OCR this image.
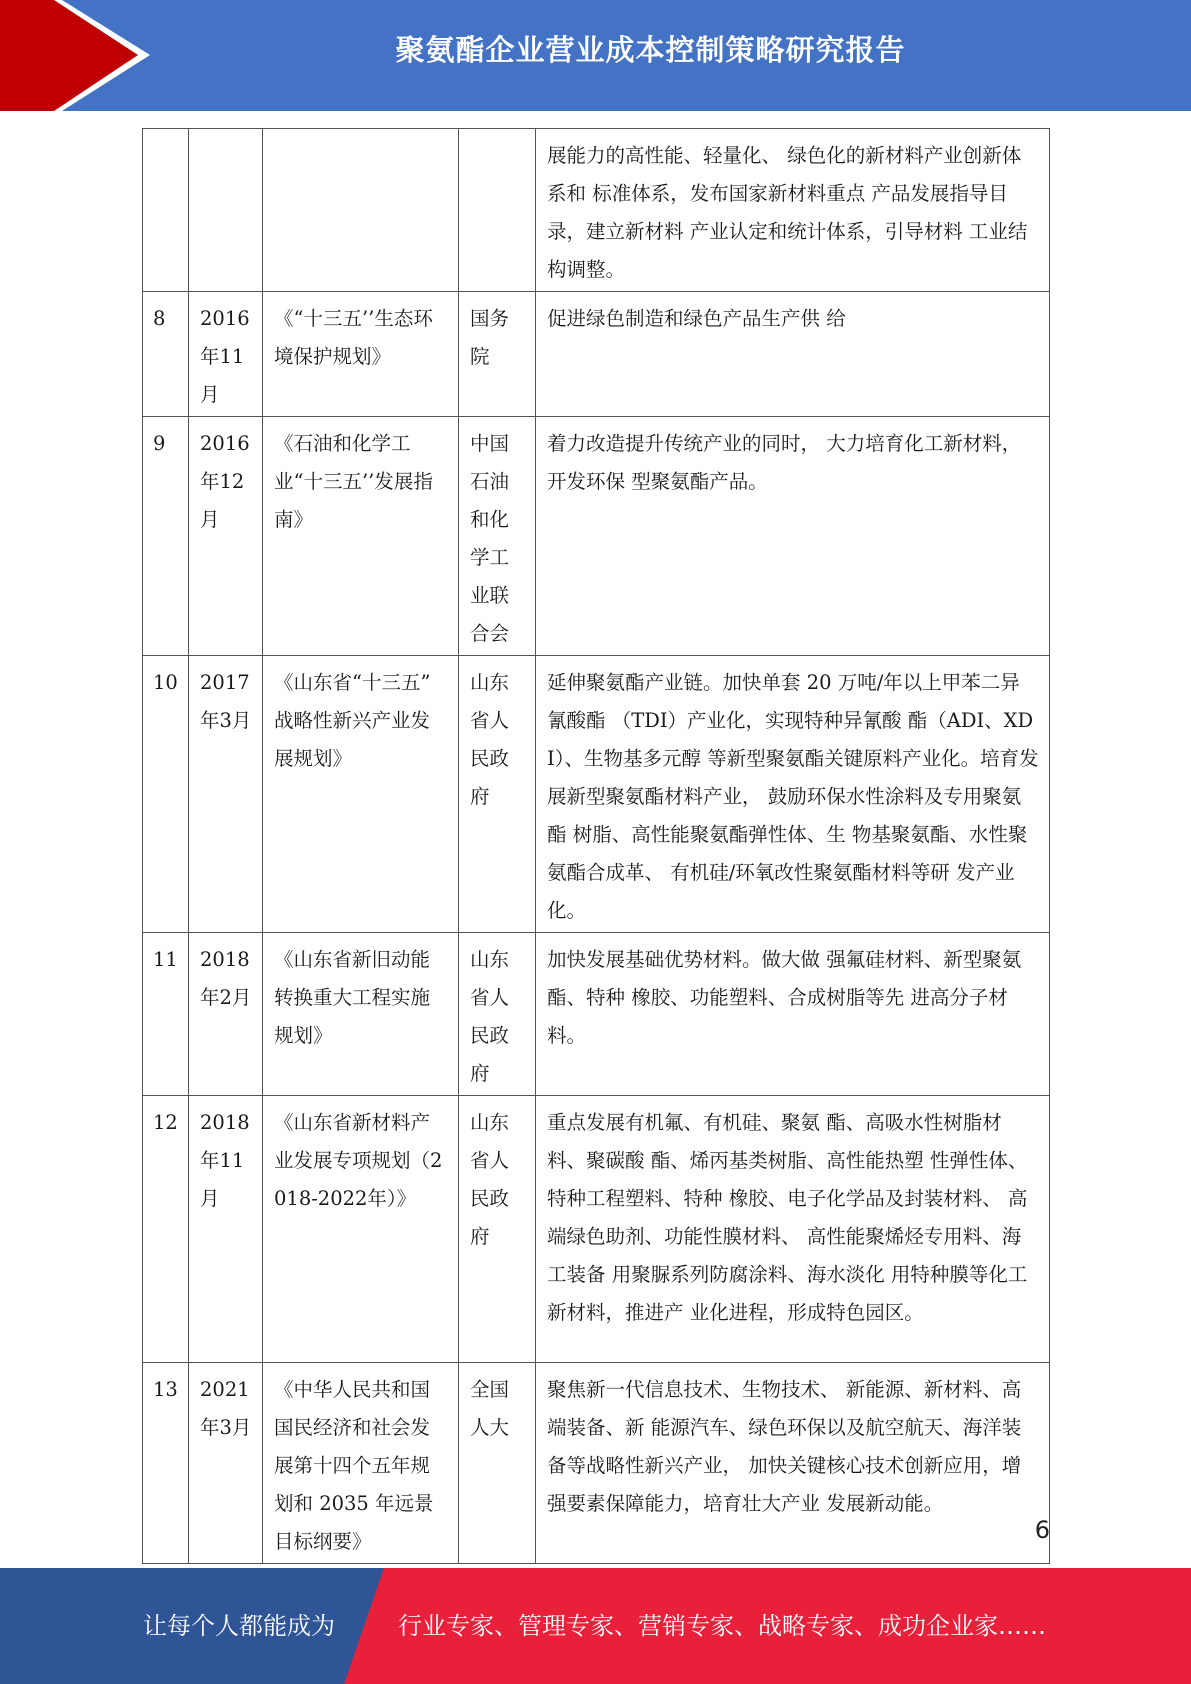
聚氨酯企业营业成本控制策略研究报告
				展能力的高性能、轻量化、 绿色化的新材料产业创新体系和 标准体系，发布国家新材料重点 产品发展指导目录，建立新材料 产业认定和统计体系，引导材料 工业结构调整。
8	2016年11月	《“十三五’’生态环 境保护规划》	国务院	促进绿色制造和绿色产品生产供 给
9	2016年12月	《石油和化学工业“十三五’’发展指南》	中国石油和化学工业联合会	着力改造提升传统产业的同时， 大力培育化工新材料，开发环保 型聚氨酯产品。
10	2017年3月	《山东省“十三五” 战略性新兴产业发 展规划》	山东省人民政府	延伸聚氨酯产业链。加快单套 20 万吨/年以上甲苯二异氰酸酯 （TDI）产业化，实现特种异氰酸 酯（ADI、XDI）、生物基多元醇 等新型聚氨酯关键原料产业化。培育发展新型聚氨酯材料产业， 鼓励环保水性涂料及专用聚氨酯 树脂、高性能聚氨酯弹性体、生 物基聚氨酯、水性聚氨酯合成革、 有机硅/环氧改性聚氨酯材料等研 发产业化。
11	2018年2月	《山东省新旧动能转换重大工程实施规划》	山东省人民政府	加快发展基础优势材料。做大做 强氟硅材料、新型聚氨酯、特种 橡胶、功能塑料、合成树脂等先 进高分子材料。
12	2018年11月	《山东省新材料产业发展专项规划（2018-2022年）》	山东省人民政府	重点发展有机氟、有机硅、聚氨 酯、高吸水性树脂材料、聚碳酸 酯、烯丙基类树脂、高性能热塑 性弹性体、特种工程塑料、特种 橡胶、电子化学品及封装材料、 高端绿色助剂、功能性膜材料、 高性能聚烯烃专用料、海工装备 用聚脲系列防腐涂料、海水淡化 用特种膜等化工新材料，推进产 业化进程，形成特色园区。
13	2021年3月	《中华人民共和国国民经济和社会发展第十四个五年规划和 2035 年远景目标纲要》	全国人大	聚焦新一代信息技术、生物技术、 新能源、新材料、高端装备、新 能源汽车、绿色环保以及航空航天、海洋装备等战略性新兴产业， 加快关键核心技术创新应用，增 强要素保障能力，培育壮大产业 发展新动能。
6
让每个人都能成为	行业专家、管理专家、营销专家、战略专家、成功企业家……
